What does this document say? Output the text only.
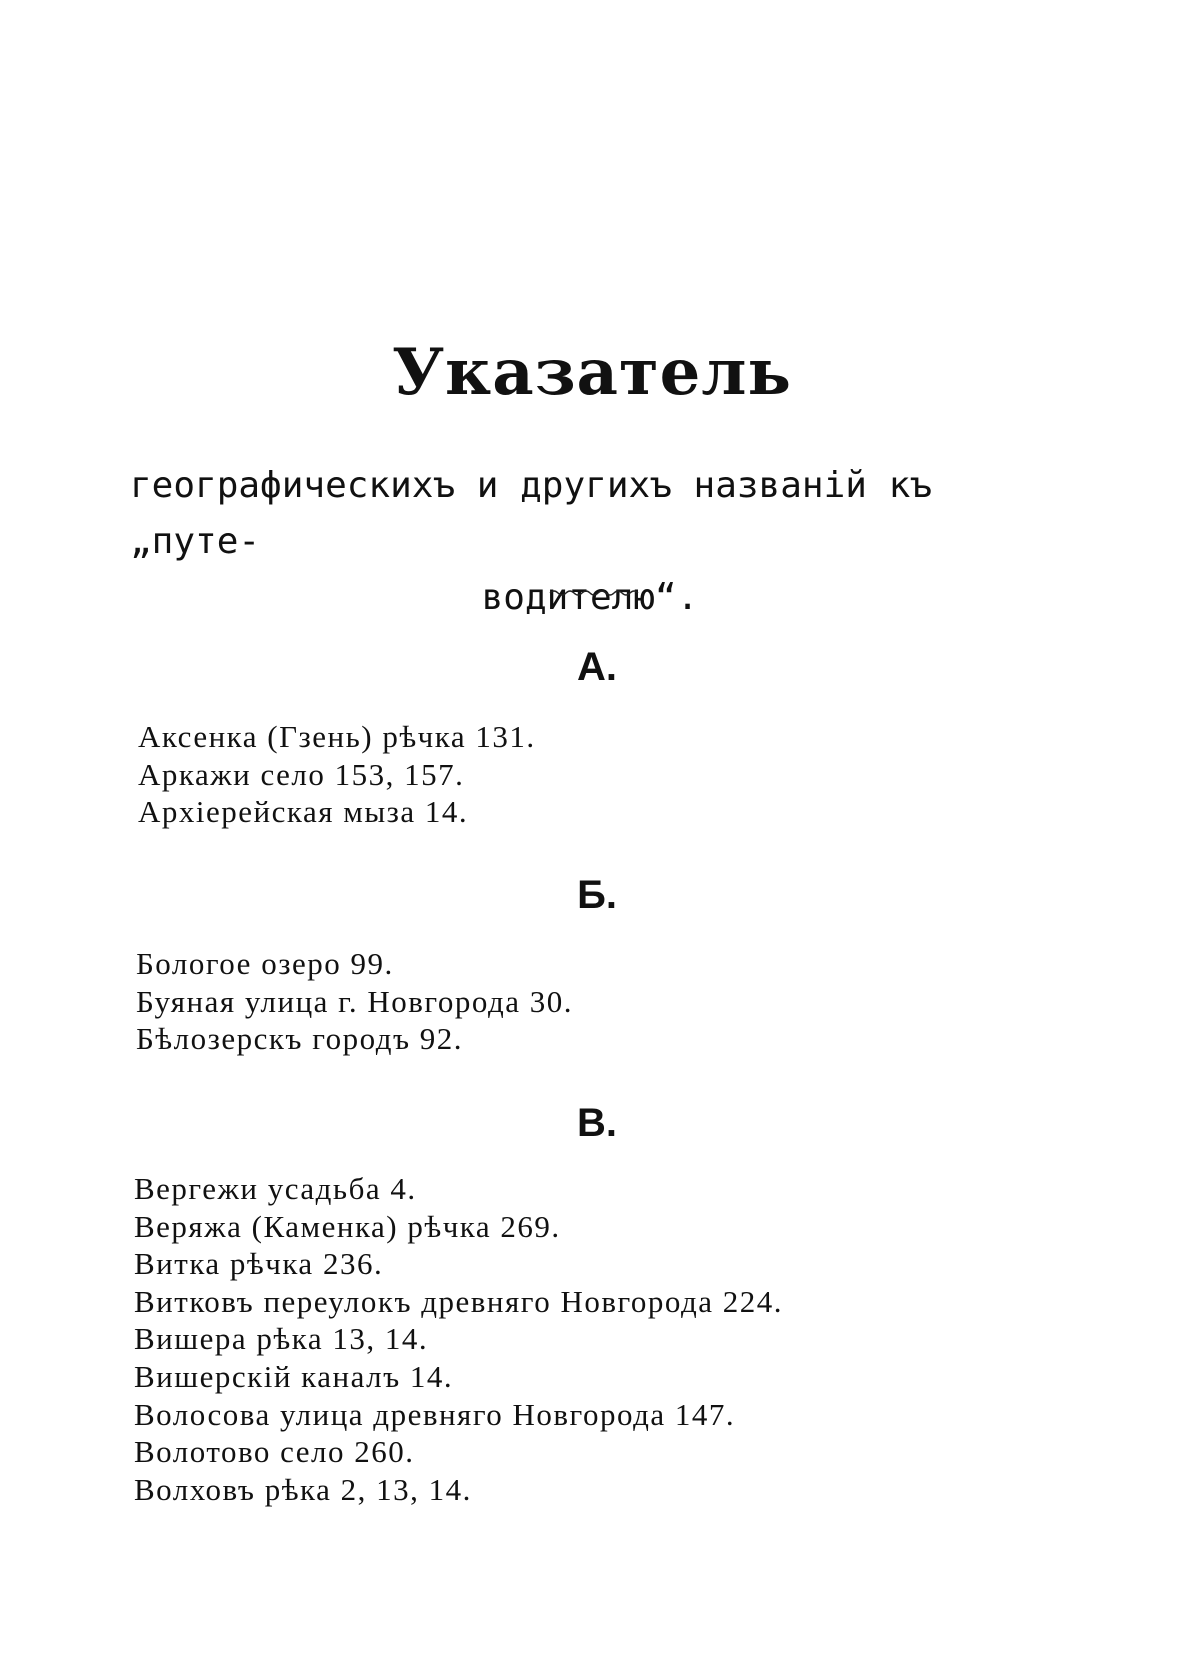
Указатель

географическихъ и другихъ названій къ „путе-
водителю“.

А.
Аксенка (Гзень) рѣчка 131.
Аркажи село 153, 157.
Архіерейская мыза 14.
Б.
Бологое озеро 99.
Буяная улица г. Новгорода 30.
Бѣлозерскъ городъ 92.
В.
Вергежи усадьба 4.
Веряжа (Каменка) рѣчка 269.
Витка рѣчка 236.
Витковъ переулокъ древняго Новгорода 224.
Вишера рѣка 13, 14.
Вишерскій каналъ 14.
Волосова улица древняго Новгорода 147.
Волотово село 260.
Волховъ рѣка 2, 13, 14.
